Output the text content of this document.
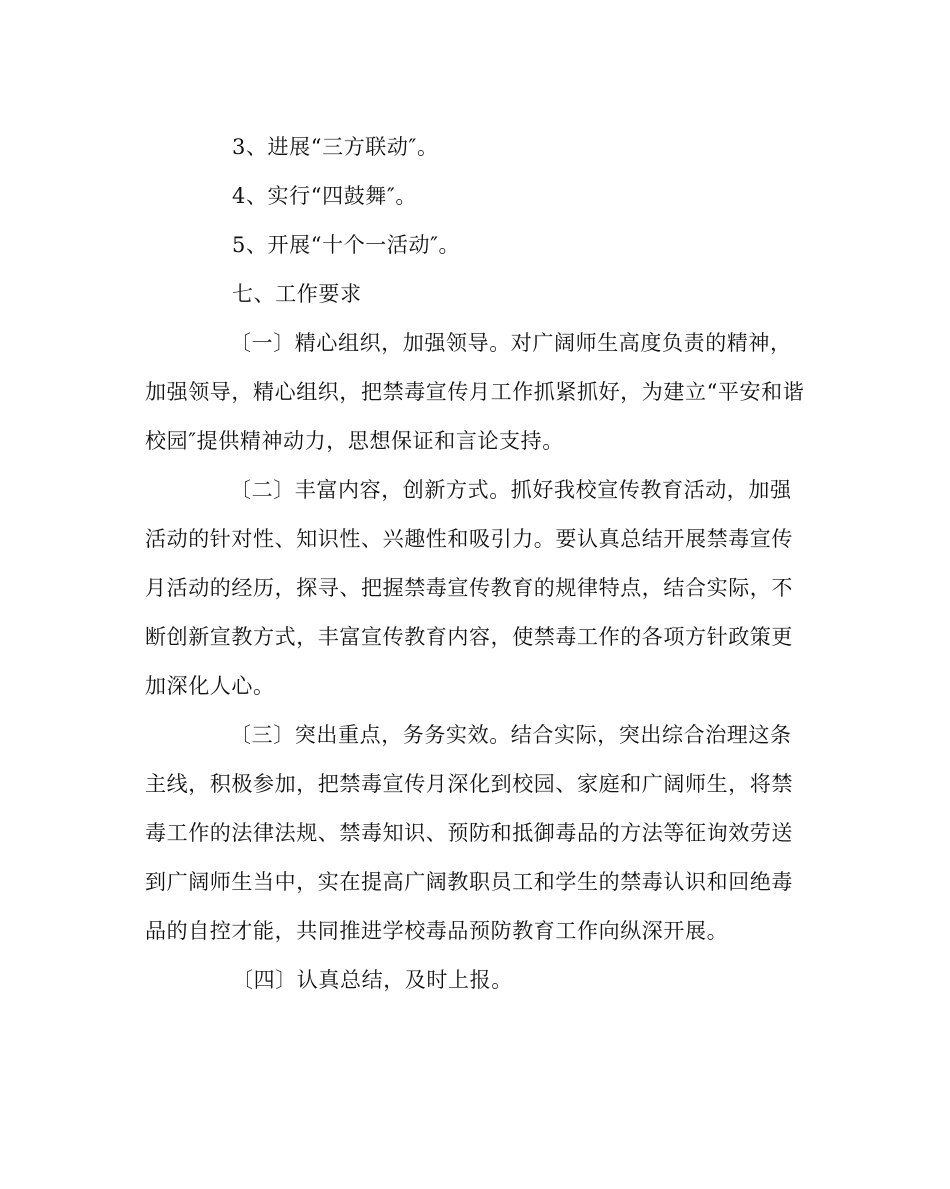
3、进展“三方联动″。

4、实行“四鼓舞″。

5、开展“十个一活动″。

七、工作要求

〔一〕精心组织，加强领导。对广阔师生高度负责的精神，

加强领导，精心组织，把禁毒宣传月工作抓紧抓好，为建立“平安和谐

校园″提供精神动力，思想保证和言论支持。

〔二〕丰富内容，创新方式。抓好我校宣传教育活动，加强

活动的针对性、知识性、兴趣性和吸引力。要认真总结开展禁毒宣传

月活动的经历，探寻、把握禁毒宣传教育的规律特点，结合实际，不

断创新宣教方式，丰富宣传教育内容，使禁毒工作的各项方针政策更

加深化人心。

〔三〕突出重点，务务实效。结合实际，突出综合治理这条

主线，积极参加，把禁毒宣传月深化到校园、家庭和广阔师生，将禁

毒工作的法律法规、禁毒知识、预防和抵御毒品的方法等征询效劳送

到广阔师生当中，实在提高广阔教职员工和学生的禁毒认识和回绝毒

品的自控才能，共同推进学校毒品预防教育工作向纵深开展。

〔四〕认真总结，及时上报。
